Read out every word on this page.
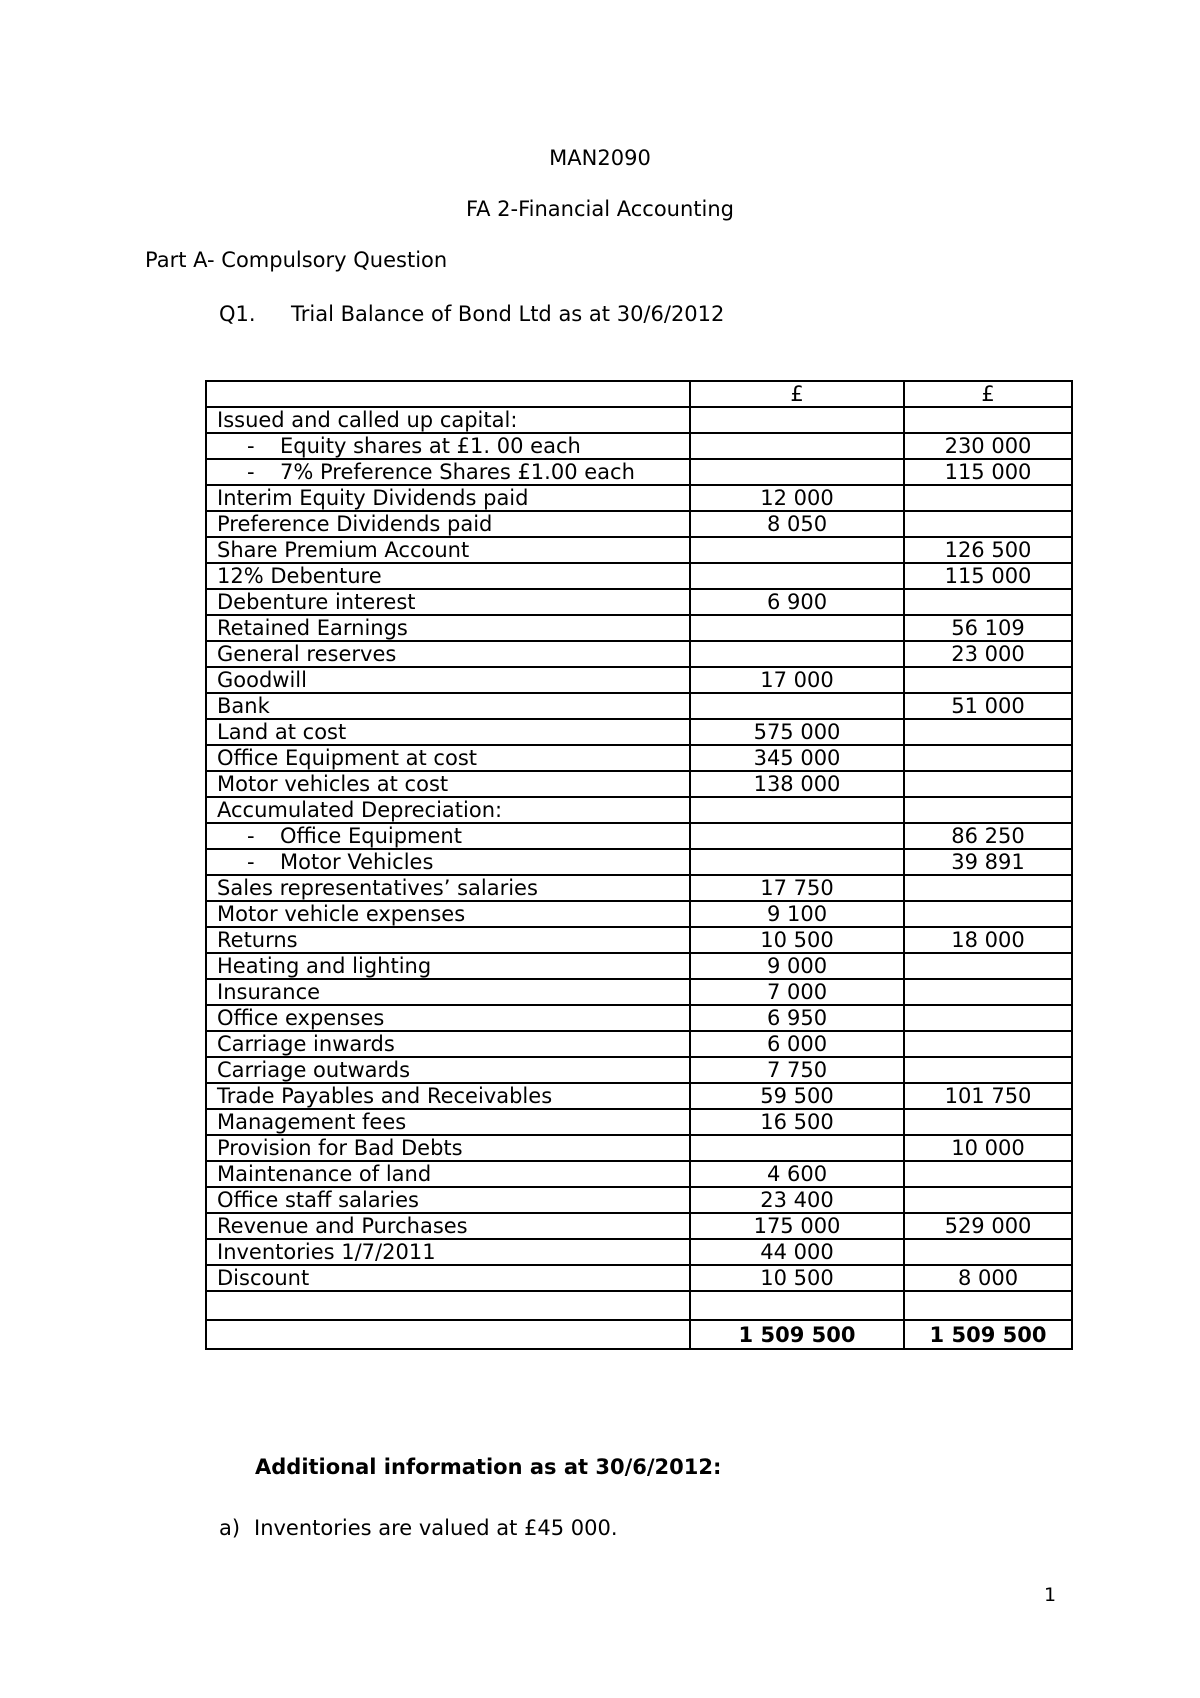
MAN2090
FA 2-Financial Accounting
Part A- Compulsory Question
Q1. Trial Balance of Bond Ltd as at 30/6/2012
	£	£
Issued and called up capital:		
- Equity shares at £1. 00 each		230 000
- 7% Preference Shares £1.00 each		115 000
Interim Equity Dividends paid	12 000	
Preference Dividends paid	8 050	
Share Premium Account		126 500
12% Debenture		115 000
Debenture interest	6 900	
Retained Earnings		56 109
General reserves		23 000
Goodwill	17 000	
Bank		51 000
Land at cost	575 000	
Office Equipment at cost	345 000	
Motor vehicles at cost	138 000	
Accumulated Depreciation:		
- Office Equipment		86 250
- Motor Vehicles		39 891
Sales representatives’ salaries	17 750	
Motor vehicle expenses	9 100	
Returns	10 500	18 000
Heating and lighting	9 000	
Insurance	7 000	
Office expenses	6 950	
Carriage inwards	6 000	
Carriage outwards	7 750	
Trade Payables and Receivables	59 500	101 750
Management fees	16 500	
Provision for Bad Debts		10 000
Maintenance of land	4 600	
Office staff salaries	23 400	
Revenue and Purchases	175 000	529 000
Inventories 1/7/2011	44 000	
Discount	10 500	8 000

	1 509 500	1 509 500
Additional information as at 30/6/2012:
a) Inventories are valued at £45 000.
1
